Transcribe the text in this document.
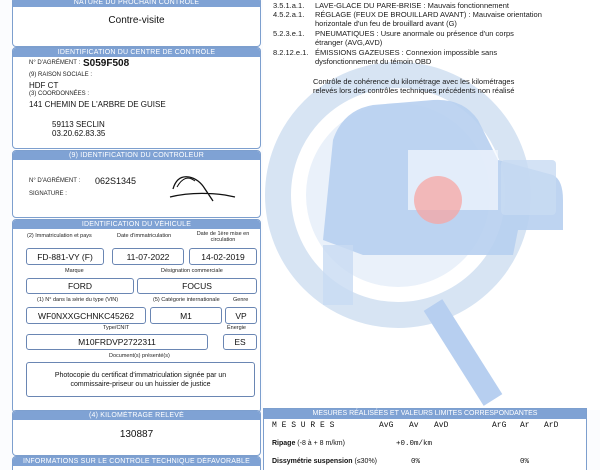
3.5.1.a.1. LAVE-GLACE DU PARE-BRISE : Mauvais fonctionnement
4.5.2.a.1. RÉGLAGE (FEUX DE BROUILLARD AVANT) : Mauvaise orientation
horizontale d'un feu de brouillard avant (G)
5.2.3.e.1. PNEUMATIQUES : Usure anormale ou présence d'un corps
étranger (AVG,AVD)
8.2.12.e.1. ÉMISSIONS GAZEUSES : Connexion impossible sans
dysfonctionnement du témoin OBD
Contrôle de cohérence du kilométrage avec les kilométrages
relevés lors des contrôles techniques précédents non réalisé
NATURE DU PROCHAIN CONTRÔLE
Contre-visite
IDENTIFICATION DU CENTRE DE CONTRÔLE
N° D'AGRÉMENT : S059F508
(9) RAISON SOCIALE :
HDF CT
(3) COORDONNÉES :
141 CHEMIN DE L'ARBRE DE GUISE
59113 SECLIN
03.20.62.83.35
(9) IDENTIFICATION DU CONTRÔLEUR
N° D'AGRÉMENT : 062S1345
SIGNATURE :
IDENTIFICATION DU VÉHICULE
(2) Immatriculation et pays	Date d'immatriculation	Date de 1ère mise en circulation
FD-881-VY (F)	11-07-2022	14-02-2019
Marque	Désignation commerciale
FORD	FOCUS
(1) N° dans la série du type (VIN)	(5) Catégorie internationale Genre
WF0NXXGCHNKC45262	M1	VP
Type/CNIT	Énergie
M10FRDVP2722311	ES
Document(s) présenté(s)
Photocopie du certificat d'immatriculation signée par un commissaire-priseur ou un huissier de justice
(4) KILOMÉTRAGE RELEVÉ
130887
INFORMATIONS SUR LE CONTRÔLE TECHNIQUE DÉFAVORABLE
MESURES RÉALISÉES ET VALEURS LIMITES CORRESPONDANTES
M E S U R E S	AvG Av AvD	ArG Ar ArD
Ripage (-8 à + 8 m/km)	+0.0m/km
Dissymétrie suspension (≤30%)	0%	0%
